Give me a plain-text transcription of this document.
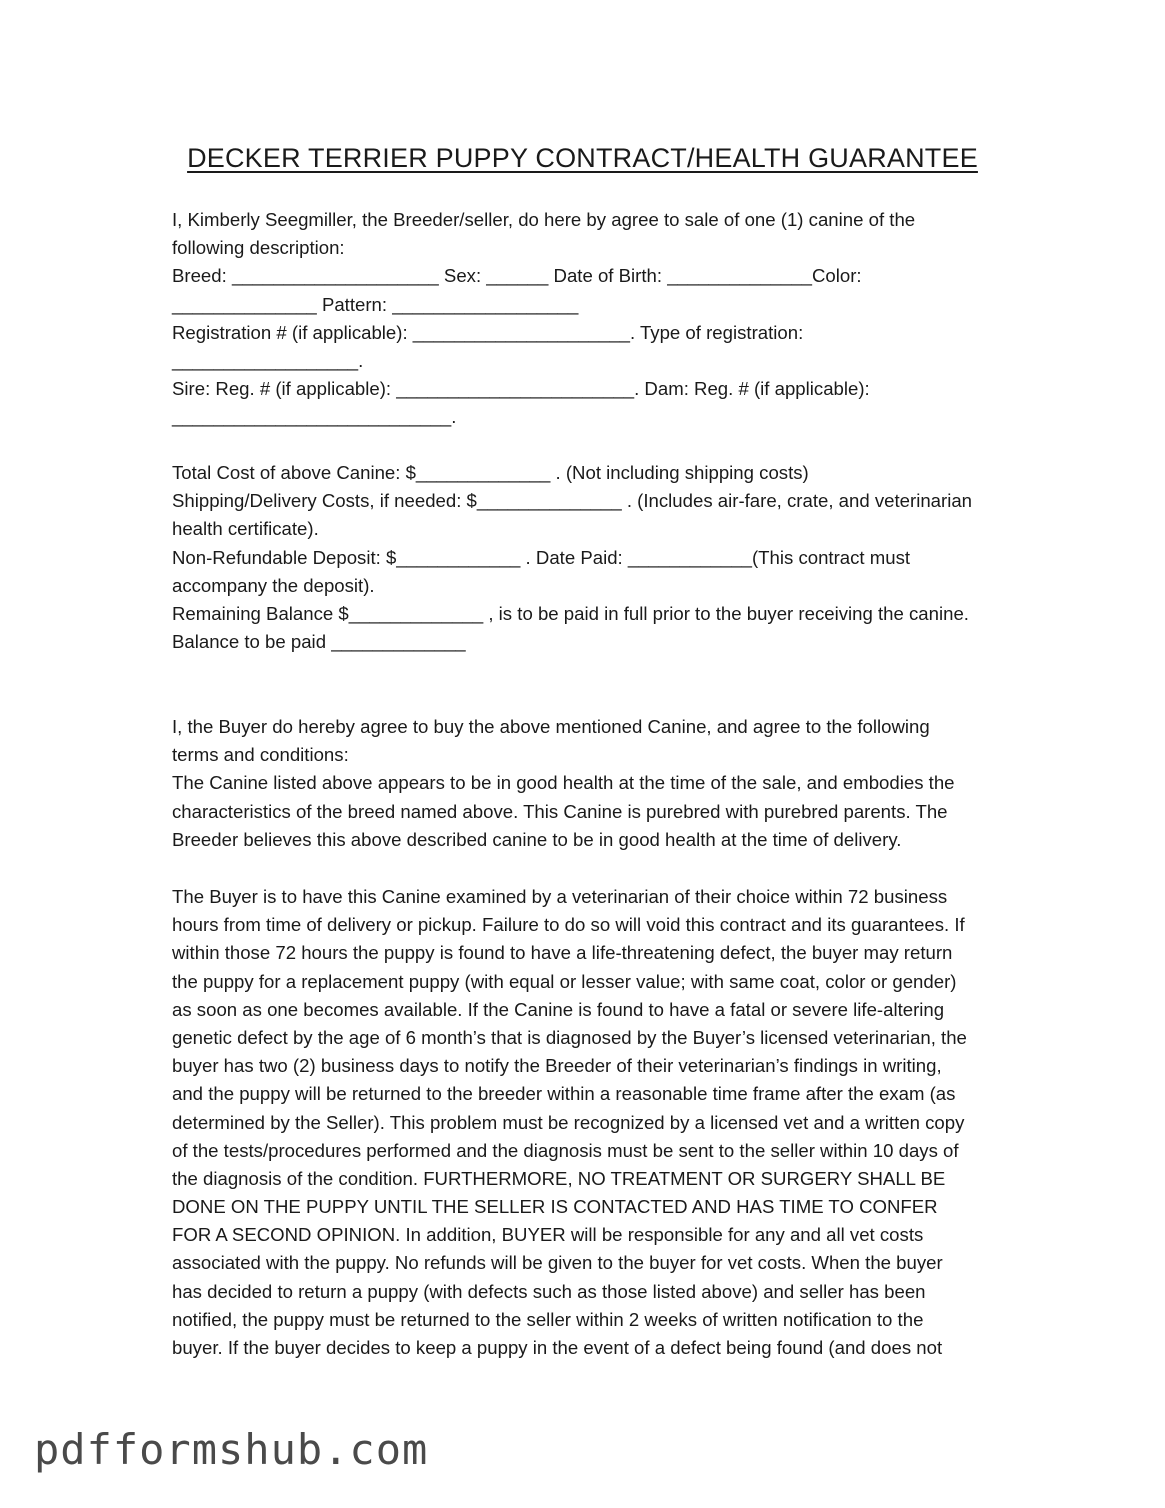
DECKER TERRIER PUPPY CONTRACT/HEALTH GUARANTEE
I, Kimberly Seegmiller, the Breeder/seller, do here by agree to sale of one (1) canine of the
following description:
Breed: ____________________ Sex: ______ Date of Birth: ______________Color:
______________ Pattern: __________________
Registration # (if applicable): _____________________. Type of registration:
__________________.
Sire: Reg. # (if applicable): _______________________. Dam: Reg. # (if applicable):
___________________________.
Total Cost of above Canine: $_____________ . (Not including shipping costs)
Shipping/Delivery Costs, if needed: $______________ . (Includes air-fare, crate, and veterinarian
health certificate).
Non-Refundable Deposit: $____________ . Date Paid: ____________(This contract must
accompany the deposit).
Remaining Balance $_____________ , is to be paid in full prior to the buyer receiving the canine.
Balance to be paid _____________
I, the Buyer do hereby agree to buy the above mentioned Canine, and agree to the following
terms and conditions:
The Canine listed above appears to be in good health at the time of the sale, and embodies the
characteristics of the breed named above. This Canine is purebred with purebred parents. The
Breeder believes this above described canine to be in good health at the time of delivery.
The Buyer is to have this Canine examined by a veterinarian of their choice within 72 business
hours from time of delivery or pickup. Failure to do so will void this contract and its guarantees. If
within those 72 hours the puppy is found to have a life-threatening defect, the buyer may return
the puppy for a replacement puppy (with equal or lesser value; with same coat, color or gender)
as soon as one becomes available. If the Canine is found to have a fatal or severe life-altering
genetic defect by the age of 6 month’s that is diagnosed by the Buyer’s licensed veterinarian, the
buyer has two (2) business days to notify the Breeder of their veterinarian’s findings in writing,
and the puppy will be returned to the breeder within a reasonable time frame after the exam (as
determined by the Seller). This problem must be recognized by a licensed vet and a written copy
of the tests/procedures performed and the diagnosis must be sent to the seller within 10 days of
the diagnosis of the condition. FURTHERMORE, NO TREATMENT OR SURGERY SHALL BE
DONE ON THE PUPPY UNTIL THE SELLER IS CONTACTED AND HAS TIME TO CONFER
FOR A SECOND OPINION. In addition, BUYER will be responsible for any and all vet costs
associated with the puppy. No refunds will be given to the buyer for vet costs. When the buyer
has decided to return a puppy (with defects such as those listed above) and seller has been
notified, the puppy must be returned to the seller within 2 weeks of written notification to the
buyer. If the buyer decides to keep a puppy in the event of a defect being found (and does not
pdfformshub.com
